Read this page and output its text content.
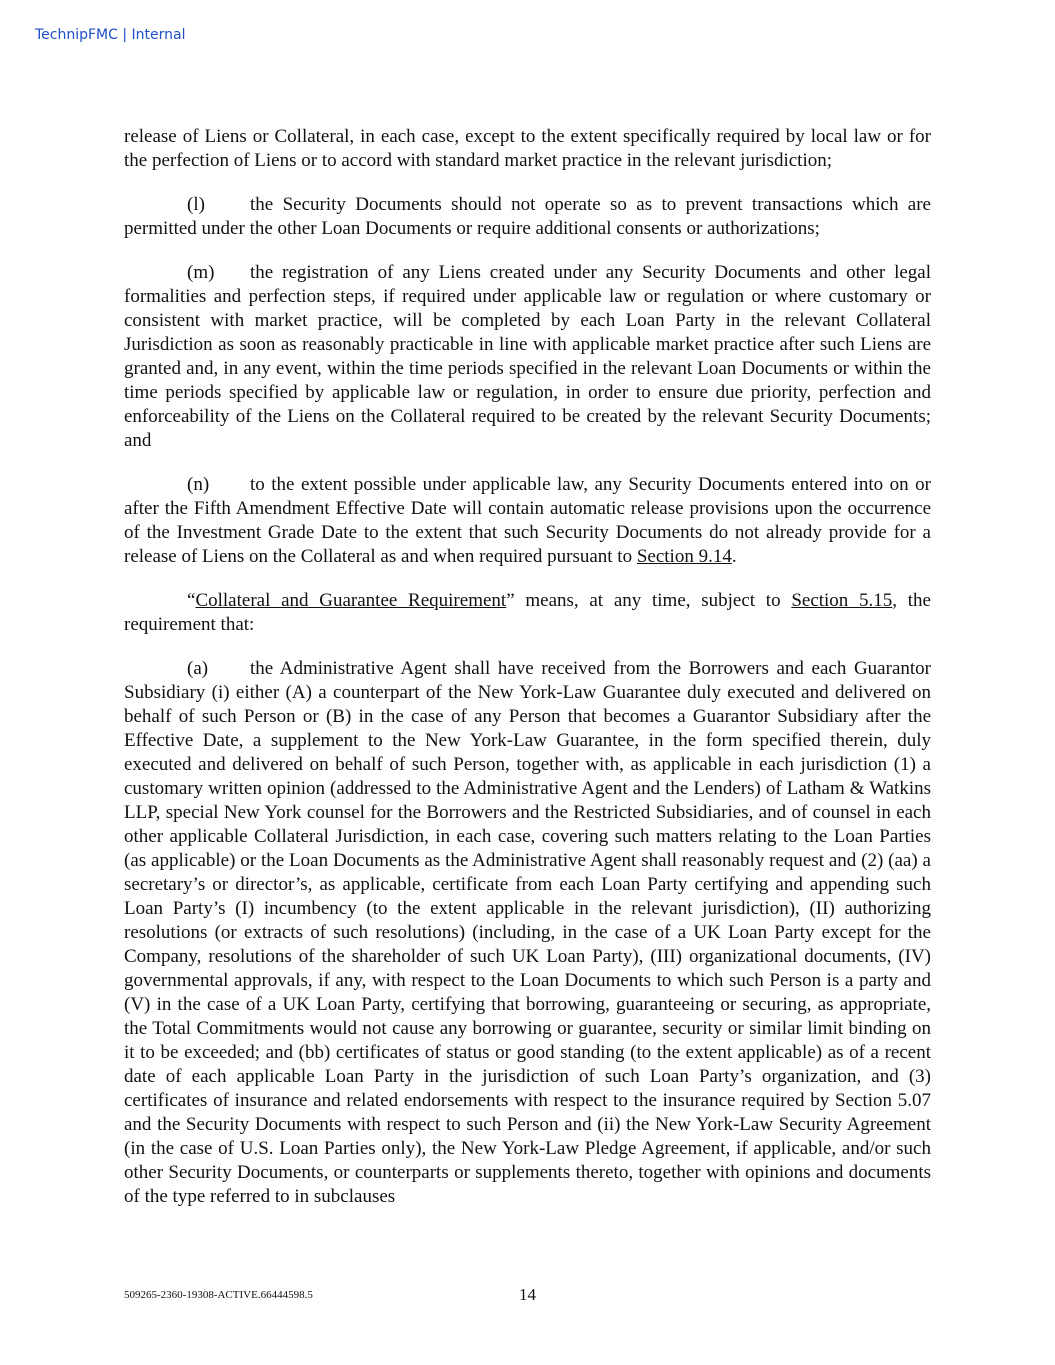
TechnipFMC | Internal

release of Liens or Collateral, in each case, except to the extent specifically required by local law or for the perfection of Liens or to accord with standard market practice in the relevant jurisdiction;

(l) the Security Documents should not operate so as to prevent transactions which are permitted under the other Loan Documents or require additional consents or authorizations;

(m) the registration of any Liens created under any Security Documents and other legal formalities and perfection steps, if required under applicable law or regulation or where customary or consistent with market practice, will be completed by each Loan Party in the relevant Collateral Jurisdiction as soon as reasonably practicable in line with applicable market practice after such Liens are granted and, in any event, within the time periods specified in the relevant Loan Documents or within the time periods specified by applicable law or regulation, in order to ensure due priority, perfection and enforceability of the Liens on the Collateral required to be created by the relevant Security Documents; and

(n) to the extent possible under applicable law, any Security Documents entered into on or after the Fifth Amendment Effective Date will contain automatic release provisions upon the occurrence of the Investment Grade Date to the extent that such Security Documents do not already provide for a release of Liens on the Collateral as and when required pursuant to Section 9.14.

“Collateral and Guarantee Requirement” means, at any time, subject to Section 5.15, the requirement that:

(a) the Administrative Agent shall have received from the Borrowers and each Guarantor Subsidiary (i) either (A) a counterpart of the New York-Law Guarantee duly executed and delivered on behalf of such Person or (B) in the case of any Person that becomes a Guarantor Subsidiary after the Effective Date, a supplement to the New York-Law Guarantee, in the form specified therein, duly executed and delivered on behalf of such Person, together with, as applicable in each jurisdiction (1) a customary written opinion (addressed to the Administrative Agent and the Lenders) of Latham & Watkins LLP, special New York counsel for the Borrowers and the Restricted Subsidiaries, and of counsel in each other applicable Collateral Jurisdiction, in each case, covering such matters relating to the Loan Parties (as applicable) or the Loan Documents as the Administrative Agent shall reasonably request and (2) (aa) a secretary’s or director’s, as applicable, certificate from each Loan Party certifying and appending such Loan Party’s (I) incumbency (to the extent applicable in the relevant jurisdiction), (II) authorizing resolutions (or extracts of such resolutions) (including, in the case of a UK Loan Party except for the Company, resolutions of the shareholder of such UK Loan Party), (III) organizational documents, (IV) governmental approvals, if any, with respect to the Loan Documents to which such Person is a party and (V) in the case of a UK Loan Party, certifying that borrowing, guaranteeing or securing, as appropriate, the Total Commitments would not cause any borrowing or guarantee, security or similar limit binding on it to be exceeded; and (bb) certificates of status or good standing (to the extent applicable) as of a recent date of each applicable Loan Party in the jurisdiction of such Loan Party’s organization, and (3) certificates of insurance and related endorsements with respect to the insurance required by Section 5.07 and the Security Documents with respect to such Person and (ii) the New York-Law Security Agreement (in the case of U.S. Loan Parties only), the New York-Law Pledge Agreement, if applicable, and/or such other Security Documents, or counterparts or supplements thereto, together with opinions and documents of the type referred to in subclauses

509265-2360-19308-ACTIVE.66444598.5	14
